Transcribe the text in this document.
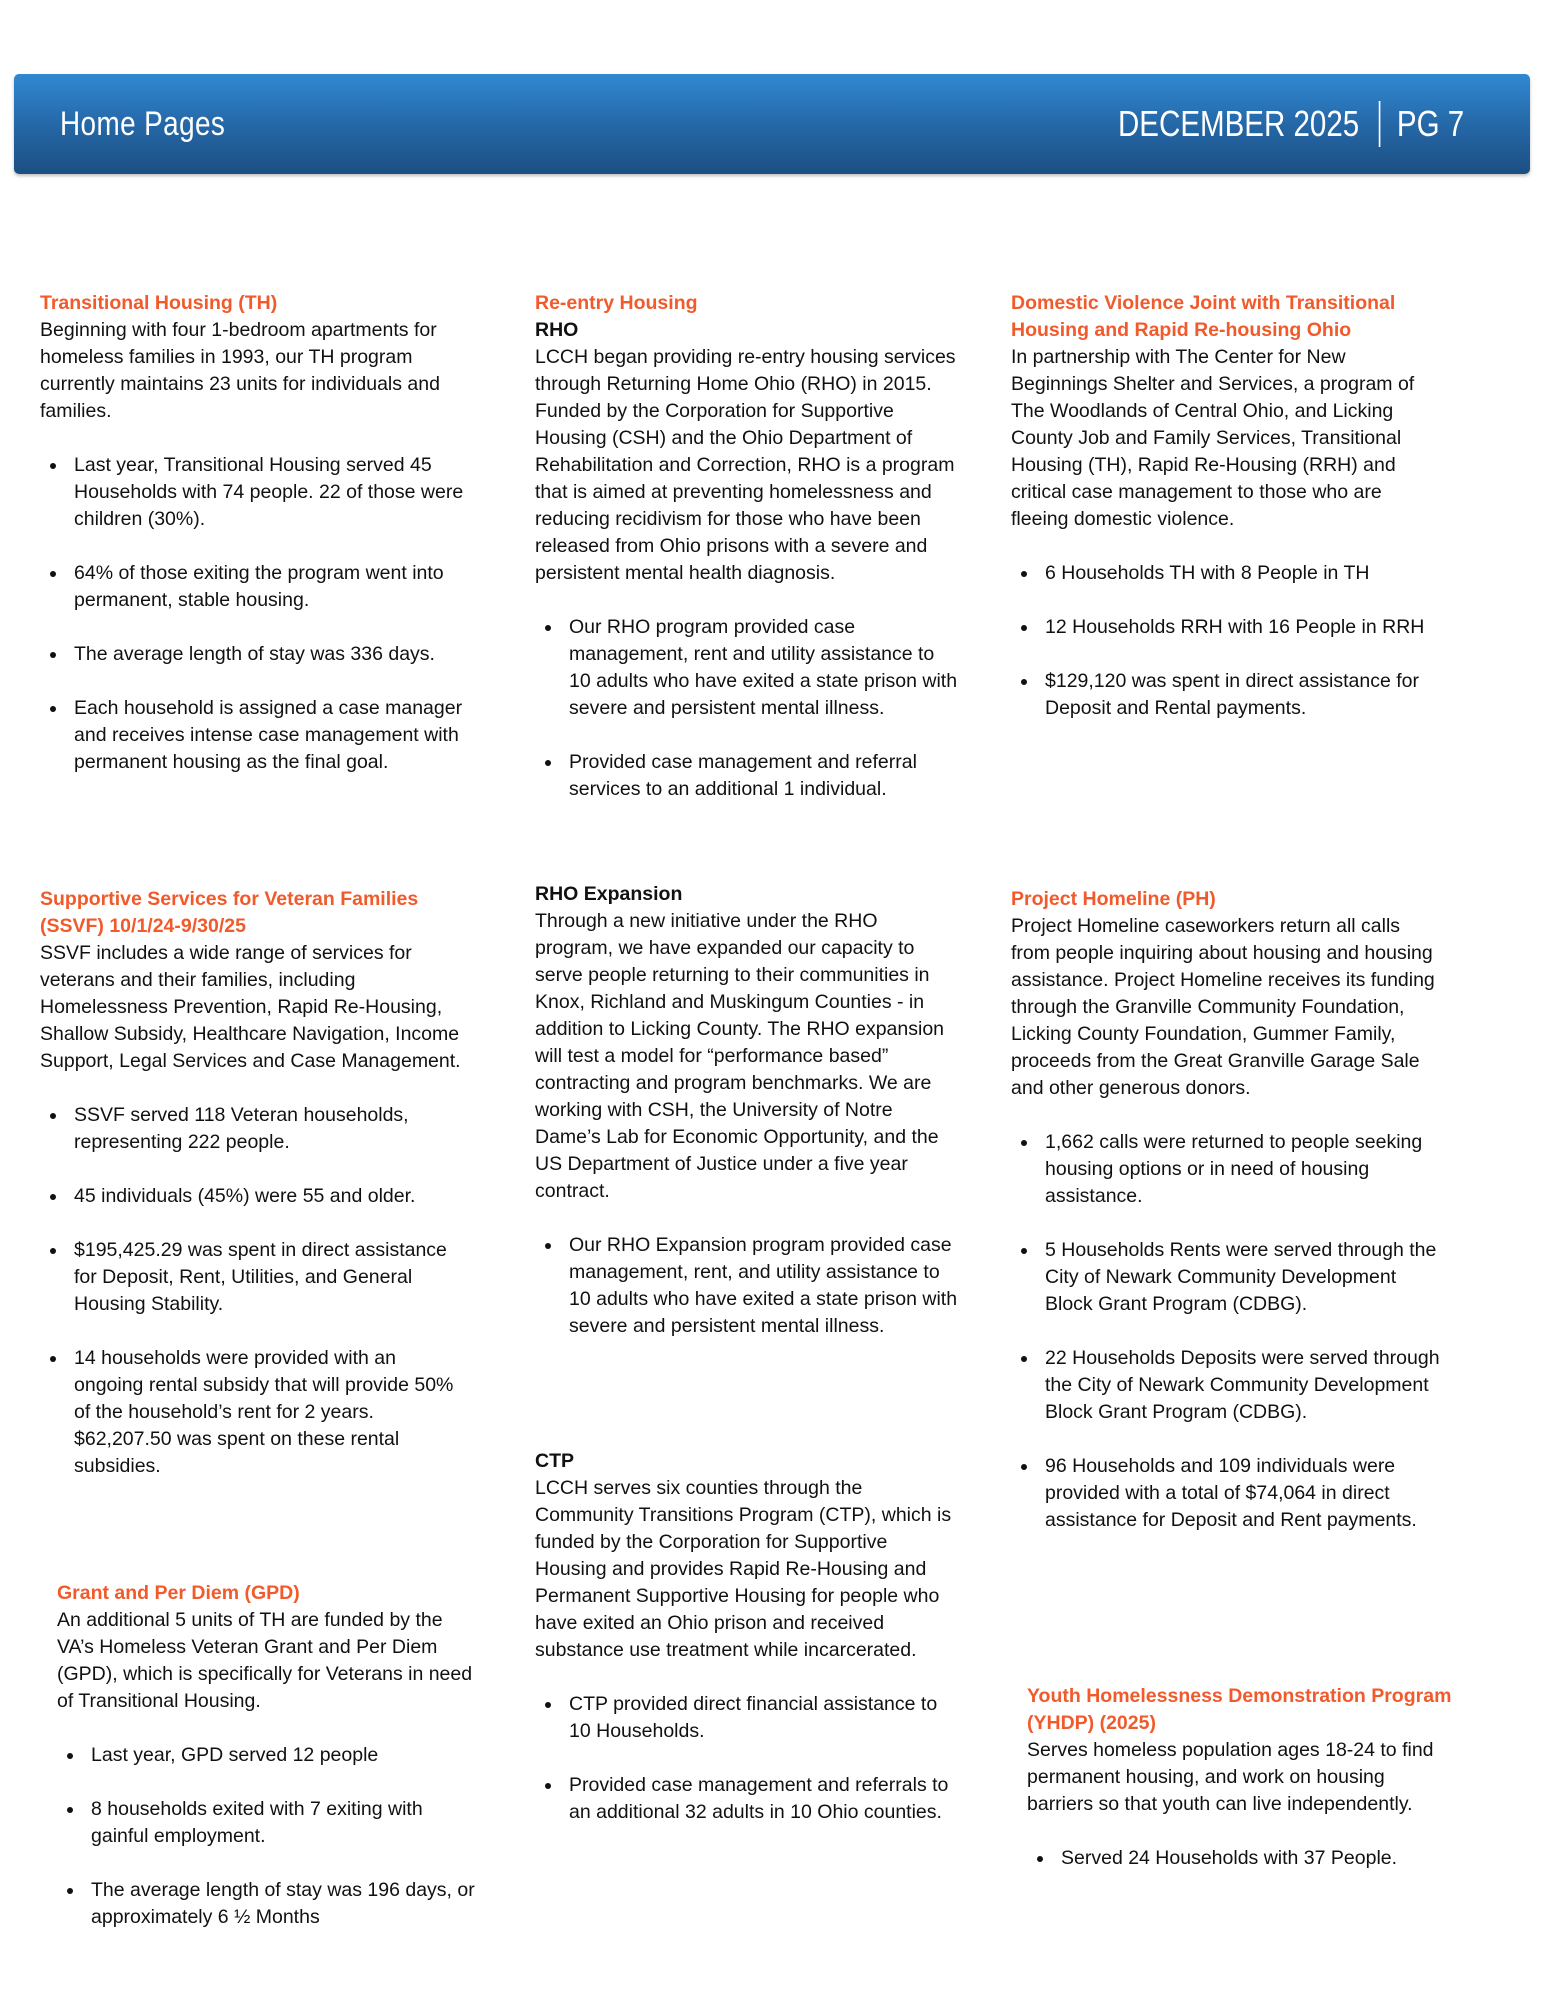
Home Pages	DECEMBER 2025 PG 7

Transitional Housing (TH)

Beginning with four 1-bedroom apartments for homeless families in 1993, our TH program currently maintains 23 units for individuals and families.

Last year, Transitional Housing served 45 Households with 74 people. 22 of those were children (30%).
64% of those exiting the program went into permanent, stable housing.
The average length of stay was 336 days.
Each household is assigned a case manager and receives intense case management with permanent housing as the final goal.

Supportive Services for Veteran Families (SSVF) 10/1/24-9/30/25

SSVF includes a wide range of services for veterans and their families, including Homelessness Prevention, Rapid Re-Housing, Shallow Subsidy, Healthcare Navigation, Income Support, Legal Services and Case Management.

SSVF served 118 Veteran households, representing 222 people.
45 individuals (45%) were 55 and older.
$195,425.29 was spent in direct assistance for Deposit, Rent, Utilities, and General Housing Stability.
14 households were provided with an ongoing rental subsidy that will provide 50% of the household’s rent for 2 years. $62,207.50 was spent on these rental subsidies.

Grant and Per Diem (GPD)

An additional 5 units of TH are funded by the VA’s Homeless Veteran Grant and Per Diem (GPD), which is specifically for Veterans in need of Transitional Housing.

Last year, GPD served 12 people
8 households exited with 7 exiting with gainful employment.
The average length of stay was 196 days, or approximately 6 ½ Months

Re-entry Housing

RHO

LCCH began providing re-entry housing services through Returning Home Ohio (RHO) in 2015. Funded by the Corporation for Supportive Housing (CSH) and the Ohio Department of Rehabilitation and Correction, RHO is a program that is aimed at preventing homelessness and reducing recidivism for those who have been released from Ohio prisons with a severe and persistent mental health diagnosis.

Our RHO program provided case management, rent and utility assistance to 10 adults who have exited a state prison with severe and persistent mental illness.
Provided case management and referral services to an additional 1 individual.

RHO Expansion

Through a new initiative under the RHO program, we have expanded our capacity to serve people returning to their communities in Knox, Richland and Muskingum Counties - in addition to Licking County. The RHO expansion will test a model for “performance based” contracting and program benchmarks. We are working with CSH, the University of Notre Dame’s Lab for Economic Opportunity, and the US Department of Justice under a five year contract.

Our RHO Expansion program provided case management, rent, and utility assistance to 10 adults who have exited a state prison with severe and persistent mental illness.

CTP

LCCH serves six counties through the Community Transitions Program (CTP), which is funded by the Corporation for Supportive Housing and provides Rapid Re-Housing and Permanent Supportive Housing for people who have exited an Ohio prison and received substance use treatment while incarcerated.

CTP provided direct financial assistance to 10 Households.
Provided case management and referrals to an additional 32 adults in 10 Ohio counties.

Domestic Violence Joint with Transitional Housing and Rapid Re-housing Ohio

In partnership with The Center for New Beginnings Shelter and Services, a program of The Woodlands of Central Ohio, and Licking County Job and Family Services, Transitional Housing (TH), Rapid Re-Housing (RRH) and critical case management to those who are fleeing domestic violence.

6 Households TH with 8 People in TH
12 Households RRH with 16 People in RRH
$129,120 was spent in direct assistance for Deposit and Rental payments.

Project Homeline (PH)

Project Homeline caseworkers return all calls from people inquiring about housing and housing assistance. Project Homeline receives its funding through the Granville Community Foundation, Licking County Foundation, Gummer Family, proceeds from the Great Granville Garage Sale and other generous donors.

1,662 calls were returned to people seeking housing options or in need of housing assistance.
5 Households Rents were served through the City of Newark Community Development Block Grant Program (CDBG).
22 Households Deposits were served through the City of Newark Community Development Block Grant Program (CDBG).
96 Households and 109 individuals were provided with a total of $74,064 in direct assistance for Deposit and Rent payments.

Youth Homelessness Demonstration Program (YHDP) (2025)

Serves homeless population ages 18-24 to find permanent housing, and work on housing barriers so that youth can live independently.

Served 24 Households with 37 People.
